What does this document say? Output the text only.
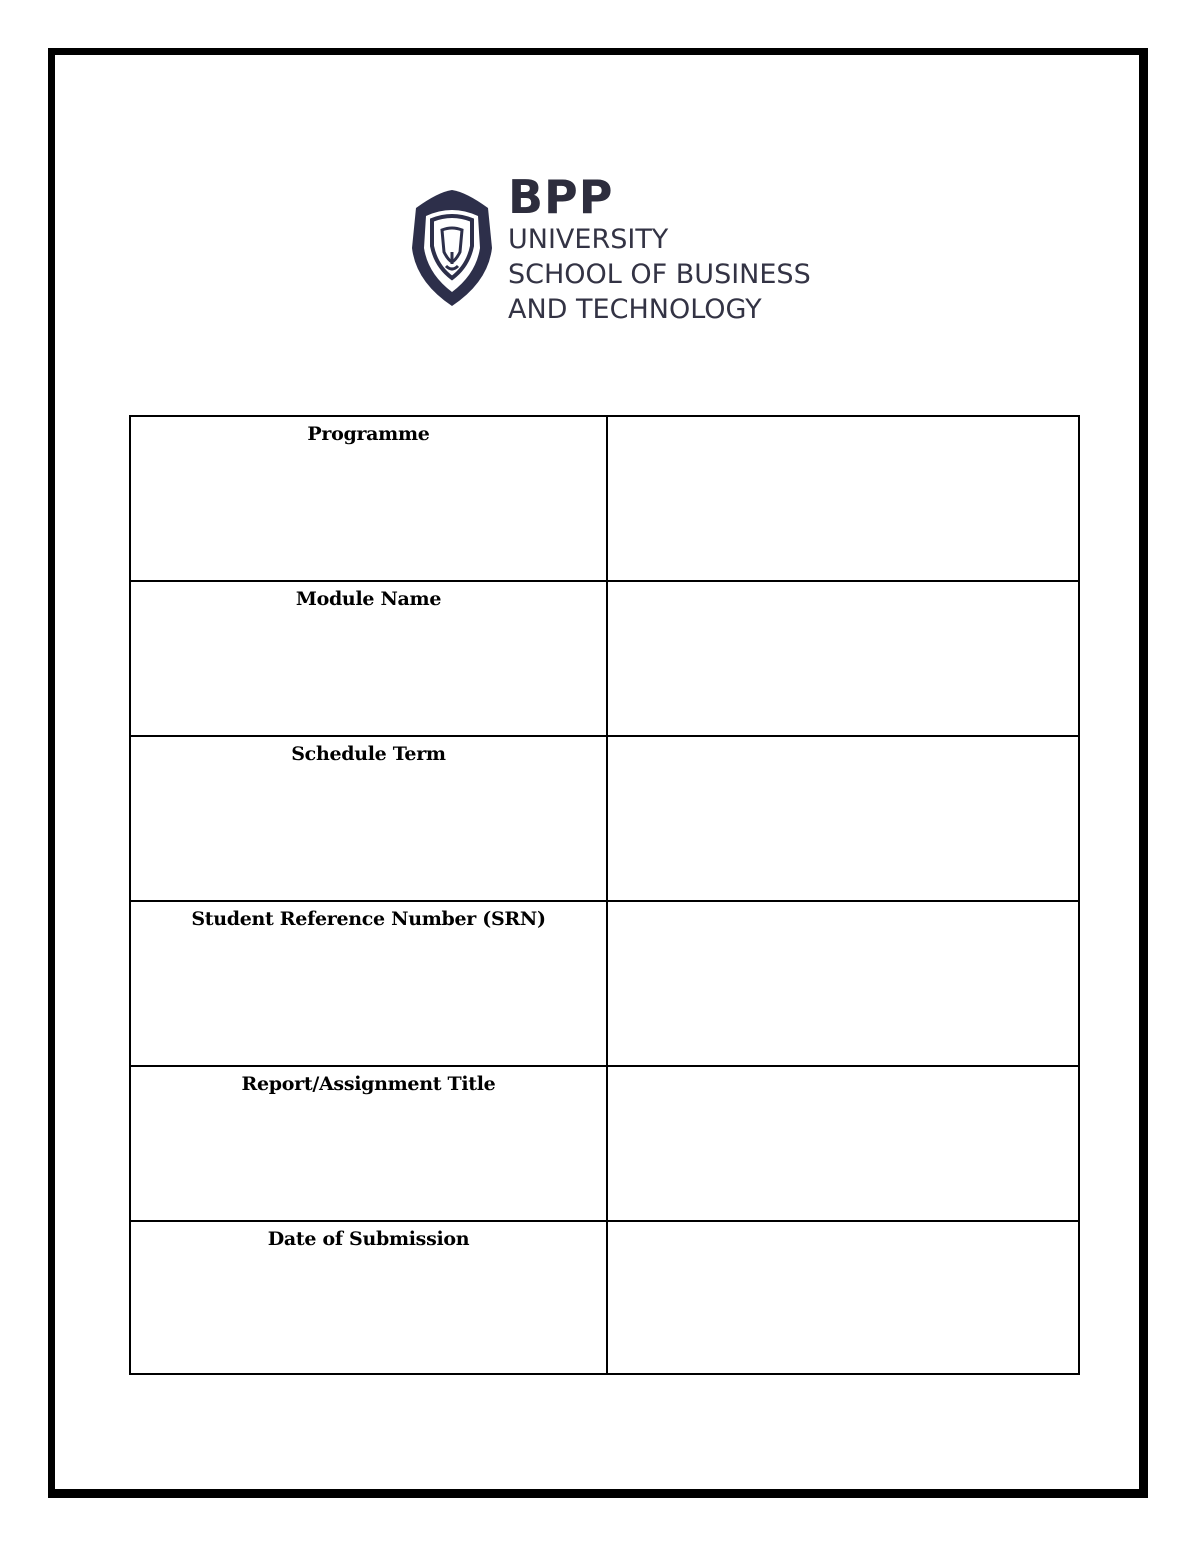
BPP
UNIVERSITY
SCHOOL OF BUSINESS
AND TECHNOLOGY
Programme	
Module Name	
Schedule Term	
Student Reference Number (SRN)	
Report/Assignment Title	
Date of Submission	
